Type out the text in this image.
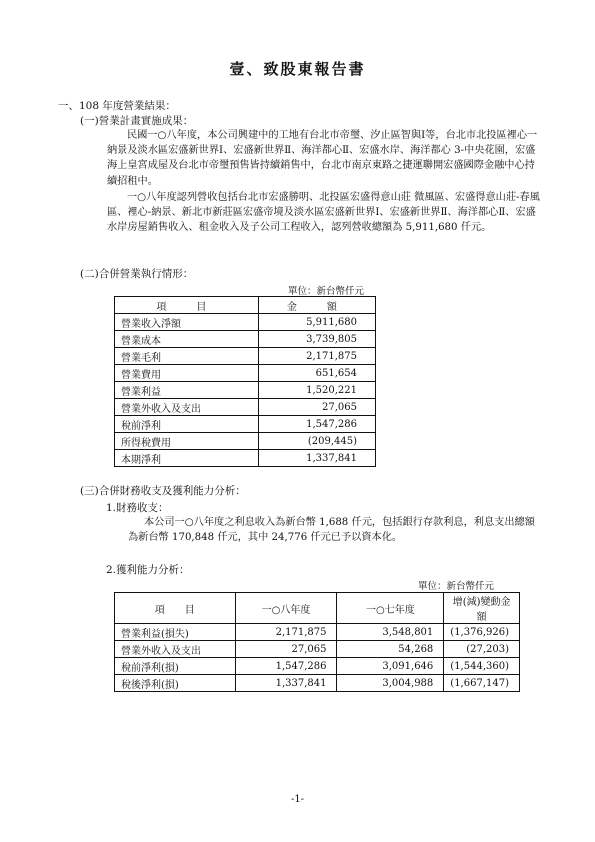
壹、致股東報告書
一、108 年度營業結果：
(一)營業計畫實施成果：

民國一○八年度，本公司興建中的工地有台北市帝璽、汐止區智與Ⅰ等，台北市北投區裡心一納景及淡水區宏盛新世界Ⅰ、宏盛新世界Ⅱ、海洋都心Ⅱ、宏盛水岸、海洋都心 3-中央花園，宏盛海上皇宮成屋及台北市帝璽預售皆持續銷售中，台北市南京東路之捷運聯開宏盛國際金融中心持續招租中。

一○八年度認列營收包括台北市宏盛勝明、北投區宏盛得意山莊 微風區、宏盛得意山莊-春風區、裡心-納景、新北市新莊區宏盛帝境及淡水區宏盛新世界Ⅰ、宏盛新世界Ⅱ、海洋都心Ⅱ、宏盛水岸房屋銷售收入、租金收入及子公司工程收入，認列營收總額為 5,911,680 仟元。

(二)合併營業執行情形：
單位：新台幣仟元
項　目	金　額
營業收入淨額	5,911,680
營業成本	3,739,805
營業毛利	2,171,875
營業費用	651,654
營業利益	1,520,221
營業外收入及支出	27,065
稅前淨利	1,547,286
所得稅費用	(209,445)
本期淨利	1,337,841
(三)合併財務收支及獲利能力分析：
1.財務收支：

本公司一○八年度之利息收入為新台幣 1,688 仟元，包括銀行存款利息，利息支出總額為新台幣 170,848 仟元，其中 24,776 仟元已予以資本化。

2.獲利能力分析：
單位：新台幣仟元
項　　目	一○八年度	一○七年度	增(減)變動金額
營業利益(損失)	2,171,875	3,548,801	(1,376,926)
營業外收入及支出	27,065	54,268	(27,203)
稅前淨利(損)	1,547,286	3,091,646	(1,544,360)
稅後淨利(損)	1,337,841	3,004,988	(1,667,147)
-1-
